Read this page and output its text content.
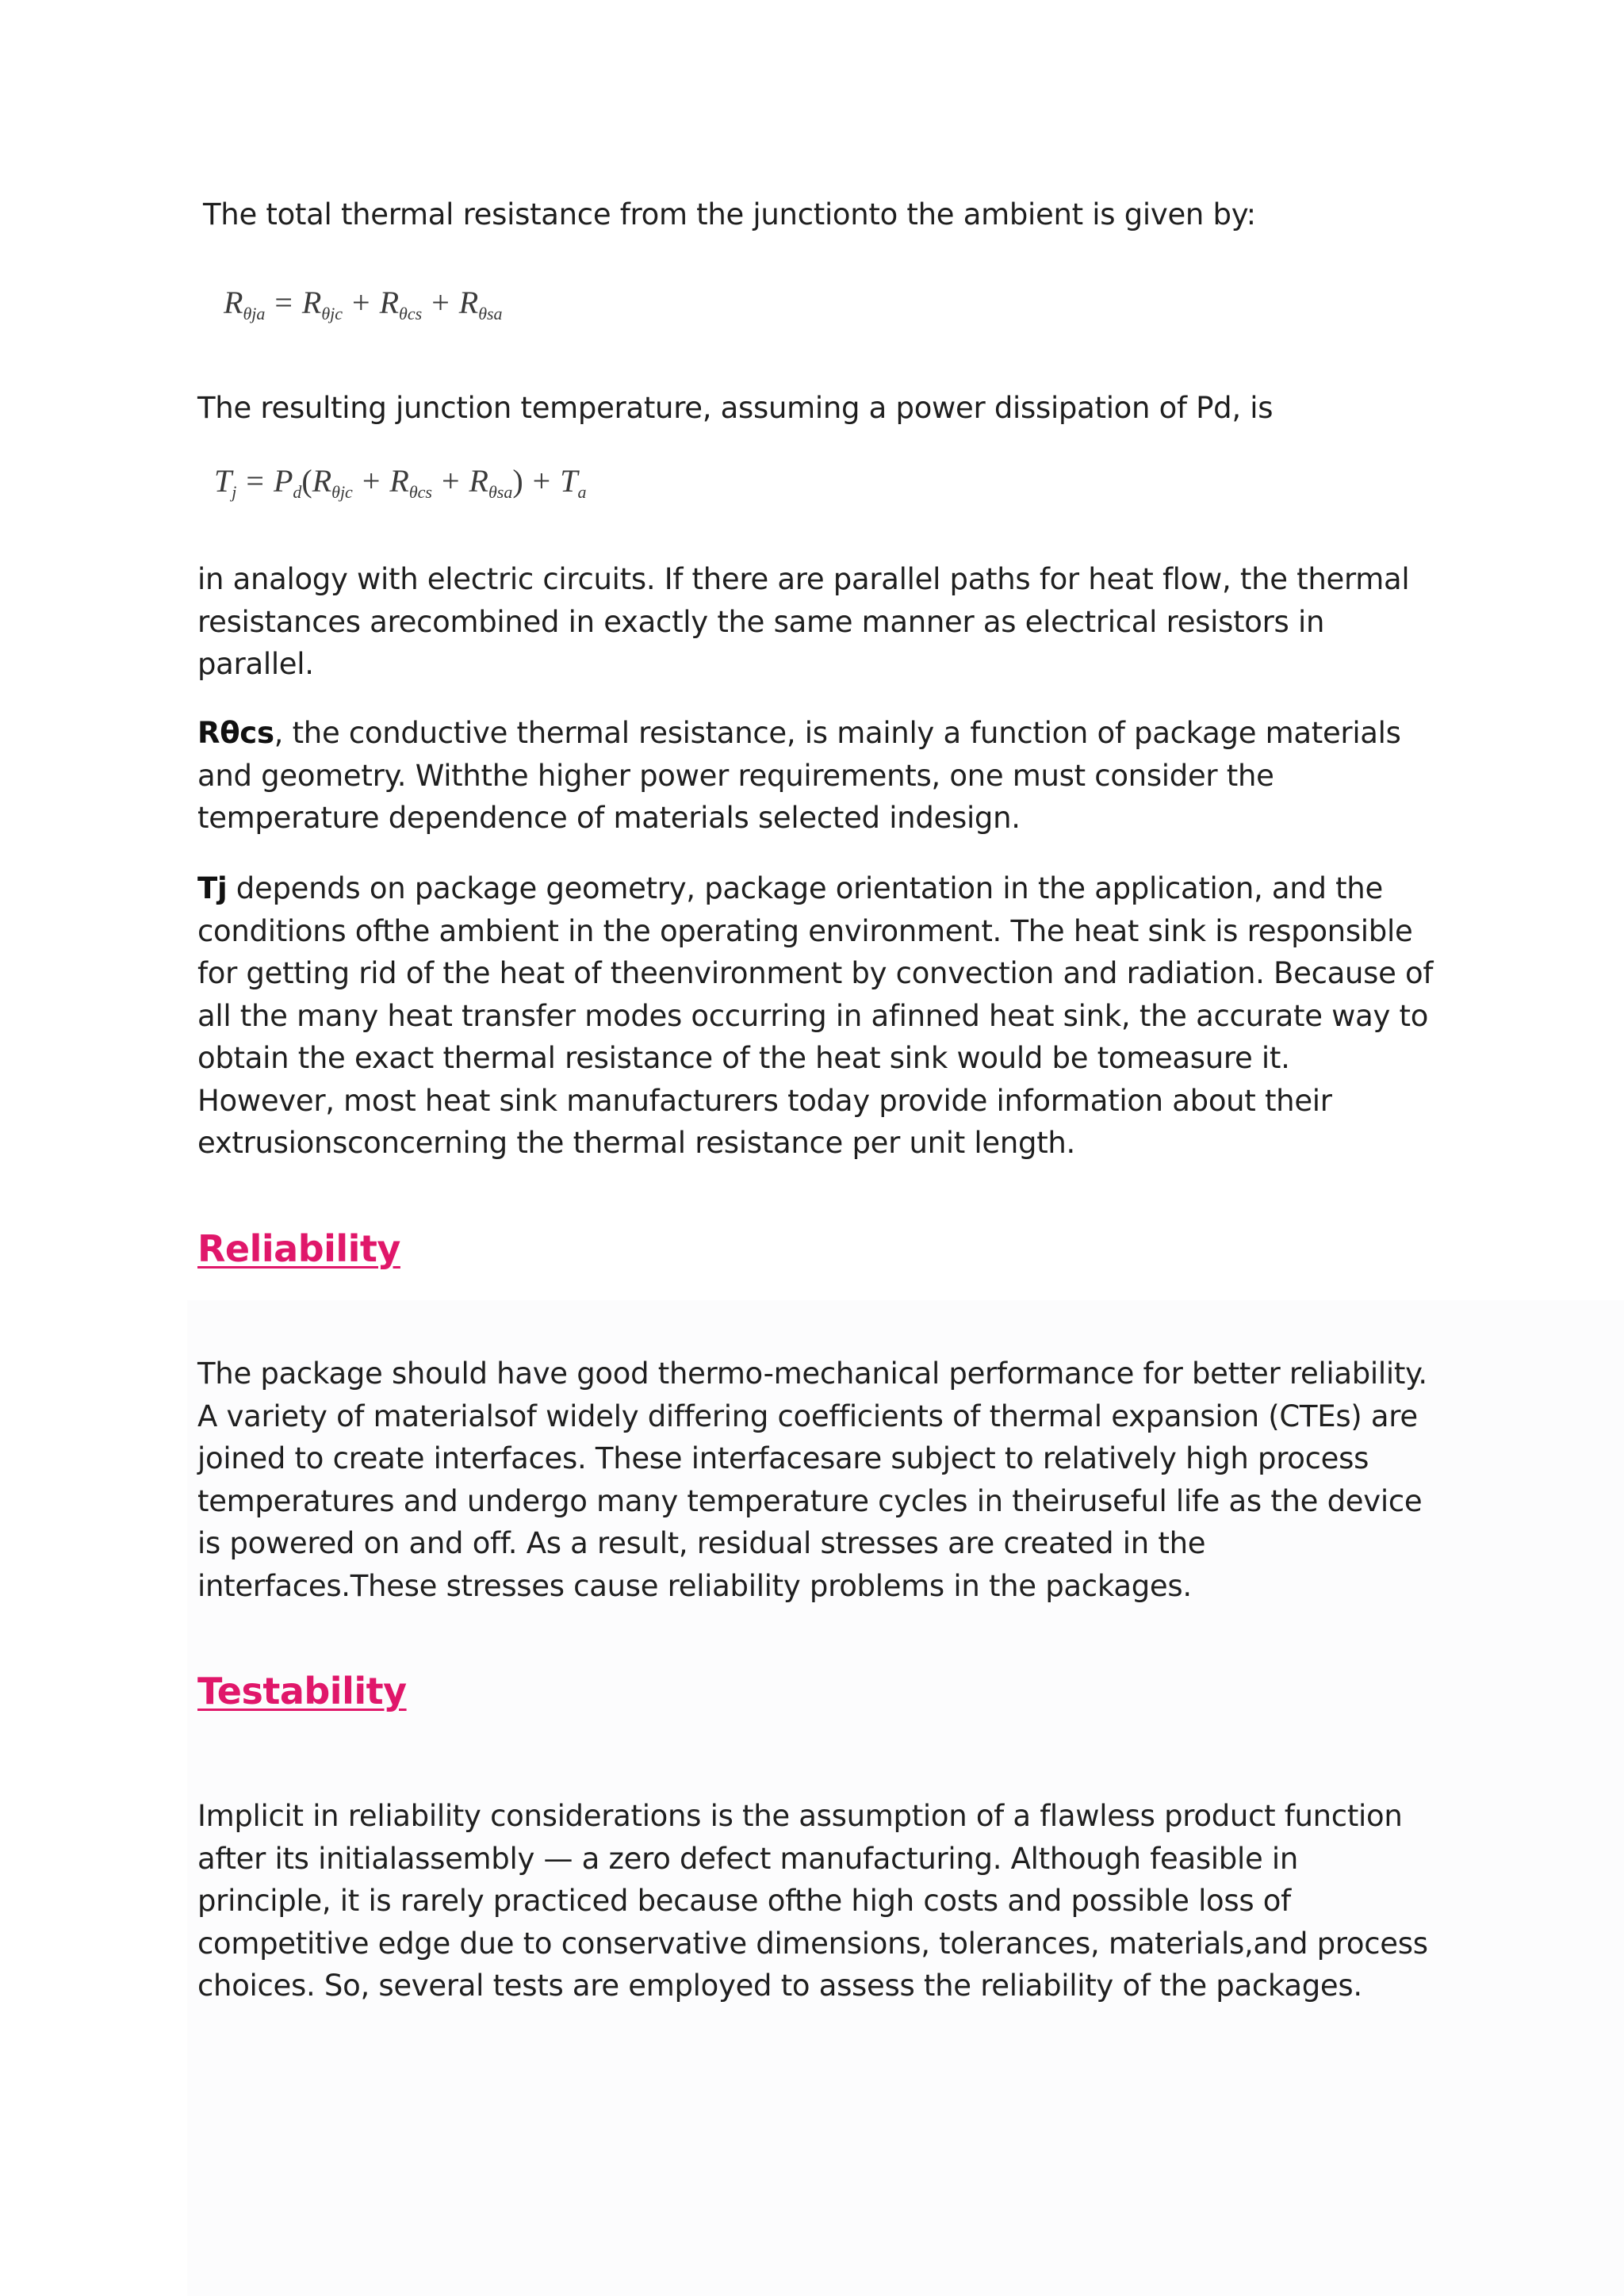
The total thermal resistance from the junctionto the ambient is given by:

$R_{\theta ja} = R_{\theta jc} + R_{\theta cs} + R_{\theta sa}$

The resulting junction temperature, assuming a power dissipation of Pd, is

$T_j = P_d(R_{\theta jc} + R_{\theta cs} + R_{\theta sa}) + T_a$

in analogy with electric circuits. If there are parallel paths for heat flow, the thermal resistances arecombined in exactly the same manner as electrical resistors in parallel.

Rθcs, the conductive thermal resistance, is mainly a function of package materials and geometry. Withthe higher power requirements, one must consider the temperature dependence of materials selected indesign.

Tj depends on package geometry, package orientation in the application, and the conditions ofthe ambient in the operating environment. The heat sink is responsible for getting rid of the heat of theenvironment by convection and radiation. Because of all the many heat transfer modes occurring in afinned heat sink, the accurate way to obtain the exact thermal resistance of the heat sink would be tomeasure it. However, most heat sink manufacturers today provide information about their extrusionsconcerning the thermal resistance per unit length.

Reliability

The package should have good thermo-mechanical performance for better reliability. A variety of materialsof widely differing coefficients of thermal expansion (CTEs) are joined to create interfaces. These interfacesare subject to relatively high process temperatures and undergo many temperature cycles in theiruseful life as the device is powered on and off. As a result, residual stresses are created in the interfaces.These stresses cause reliability problems in the packages.

Testability

Implicit in reliability considerations is the assumption of a flawless product function after its initialassembly — a zero defect manufacturing. Although feasible in principle, it is rarely practiced because ofthe high costs and possible loss of competitive edge due to conservative dimensions, tolerances, materials,and process choices. So, several tests are employed to assess the reliability of the packages.
